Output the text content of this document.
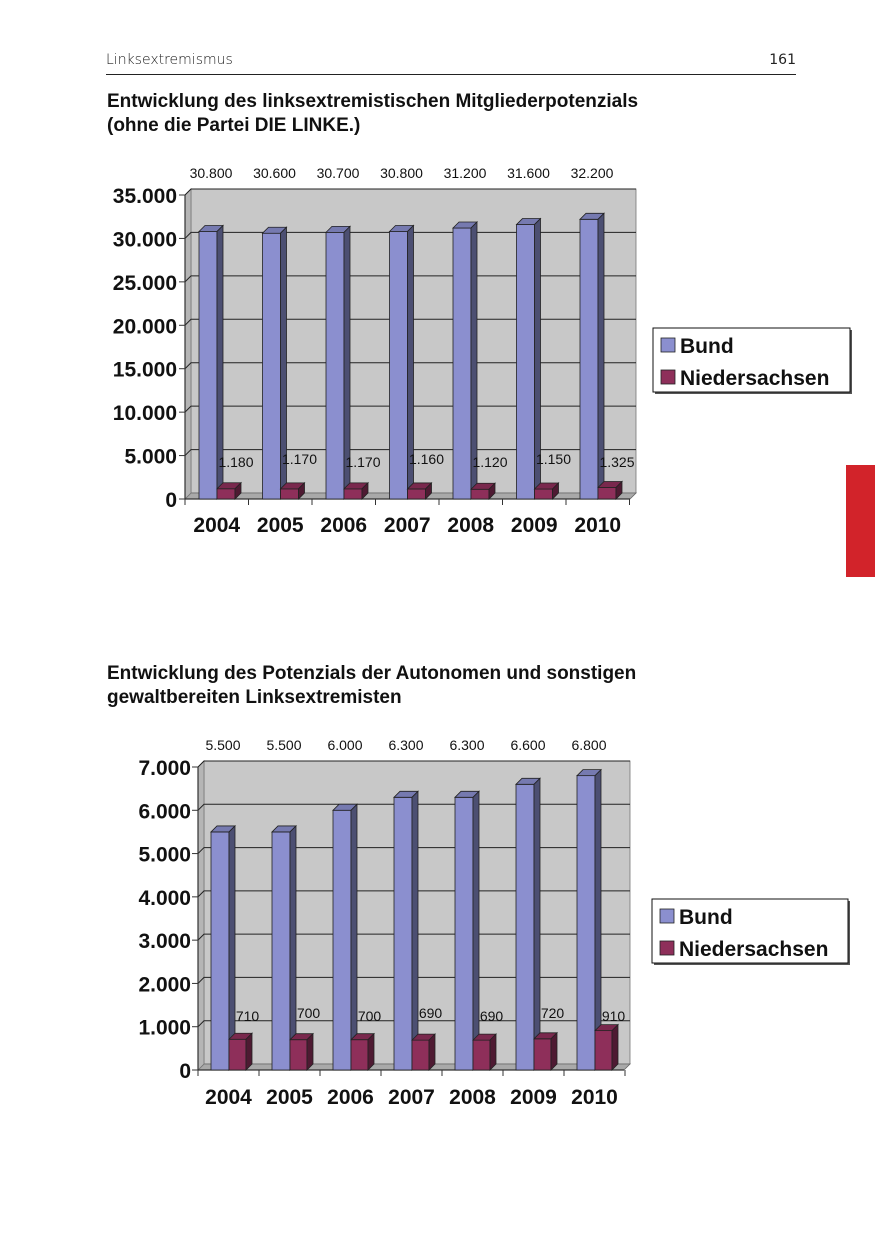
Linksextremismus	161
Entwicklung des linksextremistischen Mitgliederpotenzials
(ohne die Partei DIE LINKE.)
0
5.000
10.000
15.000
20.000
25.000
30.000
35.000
30.800
1.180
2004
30.600
1.170
2005
30.700
1.170
2006
30.800
1.160
2007
31.200
1.120
2008
31.600
1.150
2009
32.200
1.325
2010
Bund
Niedersachsen
Entwicklung des Potenzials der Autonomen und sonstigen
gewaltbereiten Linksextremisten
0
1.000
2.000
3.000
4.000
5.000
6.000
7.000
5.500
710
2004
5.500
700
2005
6.000
700
2006
6.300
690
2007
6.300
690
2008
6.600
720
2009
6.800
910
2010
Bund
Niedersachsen
